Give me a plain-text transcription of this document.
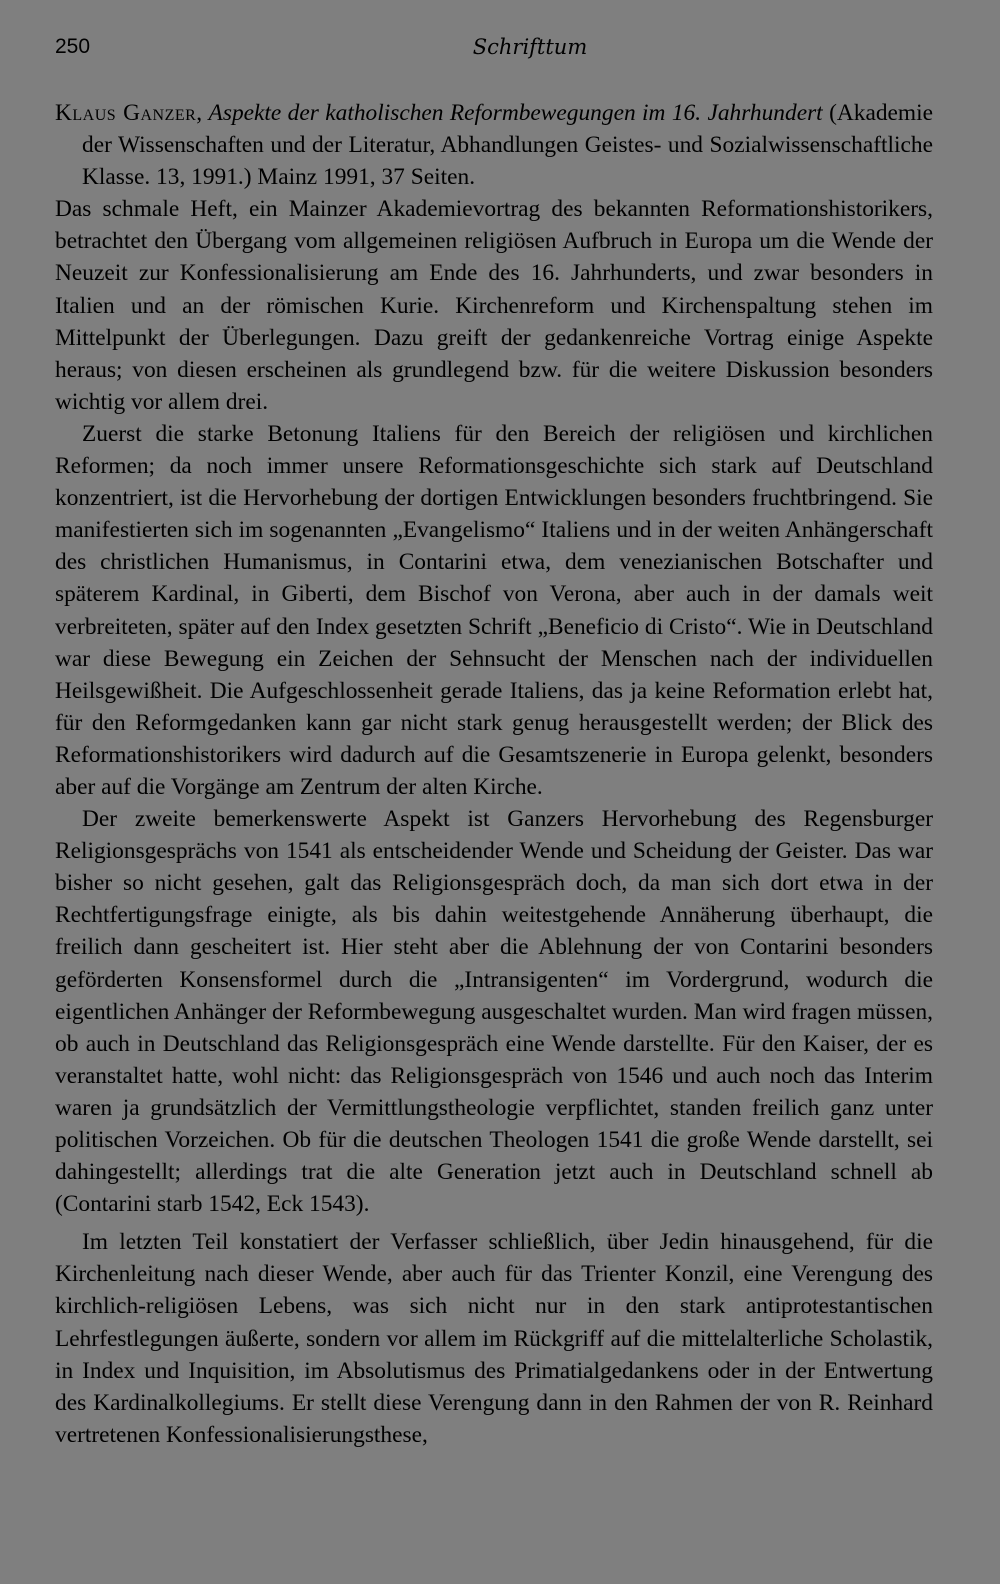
250	Schrifttum

Klaus Ganzer, Aspekte der katholischen Reformbewegungen im 16. Jahrhundert (Akademie der Wissenschaften und der Literatur, Abhandlungen Geistes- und Sozialwissenschaftliche Klasse. 13, 1991.) Mainz 1991, 37 Seiten.

Das schmale Heft, ein Mainzer Akademievortrag des bekannten Reformationshistorikers, betrachtet den Übergang vom allgemeinen religiösen Aufbruch in Europa um die Wende der Neuzeit zur Konfessionalisierung am Ende des 16. Jahrhunderts, und zwar besonders in Italien und an der römischen Kurie. Kirchenreform und Kirchenspaltung stehen im Mittelpunkt der Überlegungen. Dazu greift der gedankenreiche Vortrag einige Aspekte heraus; von diesen erscheinen als grundlegend bzw. für die weitere Diskussion besonders wichtig vor allem drei.

Zuerst die starke Betonung Italiens für den Bereich der religiösen und kirchlichen Reformen; da noch immer unsere Reformationsgeschichte sich stark auf Deutschland konzentriert, ist die Hervorhebung der dortigen Entwicklungen besonders fruchtbringend. Sie manifestierten sich im sogenannten „Evangelismo“ Italiens und in der weiten Anhängerschaft des christlichen Humanismus, in Contarini etwa, dem venezianischen Botschafter und späterem Kardinal, in Giberti, dem Bischof von Verona, aber auch in der damals weit verbreiteten, später auf den Index gesetzten Schrift „Beneficio di Cristo“. Wie in Deutschland war diese Bewegung ein Zeichen der Sehnsucht der Menschen nach der individuellen Heilsgewißheit. Die Aufgeschlossenheit gerade Italiens, das ja keine Reformation erlebt hat, für den Reformgedanken kann gar nicht stark genug herausgestellt werden; der Blick des Reformationshistorikers wird dadurch auf die Gesamtszenerie in Europa gelenkt, besonders aber auf die Vorgänge am Zentrum der alten Kirche.

Der zweite bemerkenswerte Aspekt ist Ganzers Hervorhebung des Regensburger Religionsgesprächs von 1541 als entscheidender Wende und Scheidung der Geister. Das war bisher so nicht gesehen, galt das Religionsgespräch doch, da man sich dort etwa in der Rechtfertigungsfrage einigte, als bis dahin weitestgehende Annäherung überhaupt, die freilich dann gescheitert ist. Hier steht aber die Ablehnung der von Contarini besonders geförderten Konsensformel durch die „Intransigenten“ im Vordergrund, wodurch die eigentlichen Anhänger der Reformbewegung ausgeschaltet wurden. Man wird fragen müssen, ob auch in Deutschland das Religionsgespräch eine Wende darstellte. Für den Kaiser, der es veranstaltet hatte, wohl nicht: das Religionsgespräch von 1546 und auch noch das Interim waren ja grundsätzlich der Vermittlungstheologie verpflichtet, standen freilich ganz unter politischen Vorzeichen. Ob für die deutschen Theologen 1541 die große Wende darstellt, sei dahingestellt; allerdings trat die alte Generation jetzt auch in Deutschland schnell ab (Contarini starb 1542, Eck 1543).

Im letzten Teil konstatiert der Verfasser schließlich, über Jedin hinausgehend, für die Kirchenleitung nach dieser Wende, aber auch für das Trienter Konzil, eine Verengung des kirchlich-religiösen Lebens, was sich nicht nur in den stark antiprotestantischen Lehrfestlegungen äußerte, sondern vor allem im Rückgriff auf die mittelalterliche Scholastik, in Index und Inquisition, im Absolutismus des Primatialgedankens oder in der Entwertung des Kardinalkollegiums. Er stellt diese Verengung dann in den Rahmen der von R. Reinhard vertretenen Konfessionalisierungsthese,
